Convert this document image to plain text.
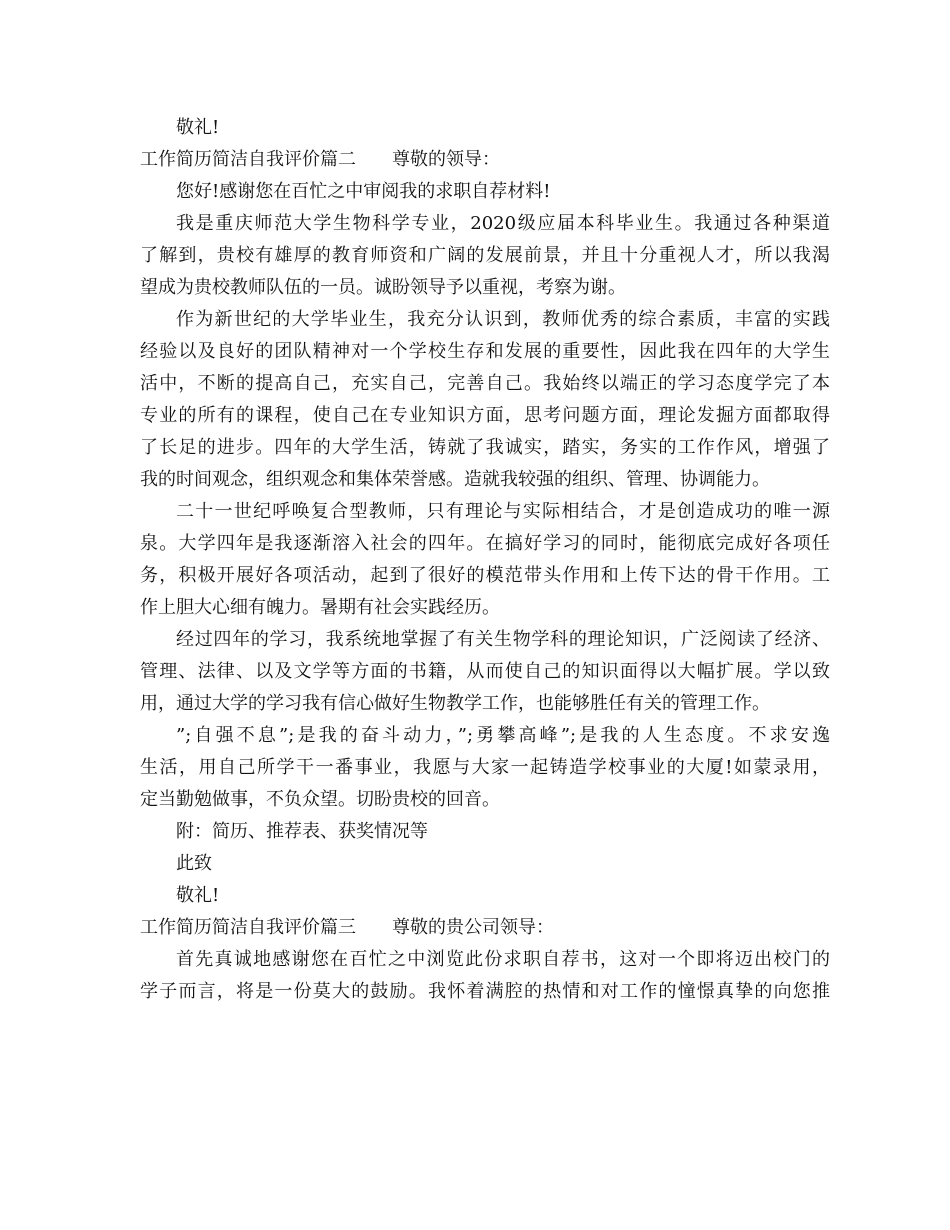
敬礼!
工作简历简洁自我评价篇二　　尊敬的领导：
您好!感谢您在百忙之中审阅我的求职自荐材料!
我是重庆师范大学生物科学专业，2020级应届本科毕业生。我通过各种渠道
了解到，贵校有雄厚的教育师资和广阔的发展前景，并且十分重视人才，所以我渴
望成为贵校教师队伍的一员。诚盼领导予以重视，考察为谢。
作为新世纪的大学毕业生，我充分认识到，教师优秀的综合素质，丰富的实践
经验以及良好的团队精神对一个学校生存和发展的重要性，因此我在四年的大学生
活中，不断的提高自己，充实自己，完善自己。我始终以端正的学习态度学完了本
专业的所有的课程，使自己在专业知识方面，思考问题方面，理论发掘方面都取得
了长足的进步。四年的大学生活，铸就了我诚实，踏实，务实的工作作风，增强了
我的时间观念，组织观念和集体荣誉感。造就我较强的组织、管理、协调能力。
二十一世纪呼唤复合型教师，只有理论与实际相结合，才是创造成功的唯一源
泉。大学四年是我逐渐溶入社会的四年。在搞好学习的同时，能彻底完成好各项任
务，积极开展好各项活动，起到了很好的模范带头作用和上传下达的骨干作用。工
作上胆大心细有魄力。暑期有社会实践经历。
经过四年的学习，我系统地掌握了有关生物学科的理论知识，广泛阅读了经济、
管理、法律、以及文学等方面的书籍，从而使自己的知识面得以大幅扩展。学以致
用，通过大学的学习我有信心做好生物教学工作，也能够胜任有关的管理工作。
”;自强不息”;是我的奋斗动力，”;勇攀高峰”;是我的人生态度。不求安逸
生活，用自己所学干一番事业，我愿与大家一起铸造学校事业的大厦!如蒙录用，
定当勤勉做事，不负众望。切盼贵校的回音。
附：简历、推荐表、获奖情况等
此致
敬礼!
工作简历简洁自我评价篇三　　尊敬的贵公司领导：
首先真诚地感谢您在百忙之中浏览此份求职自荐书，这对一个即将迈出校门的
学子而言，将是一份莫大的鼓励。我怀着满腔的热情和对工作的憧憬真挚的向您推
